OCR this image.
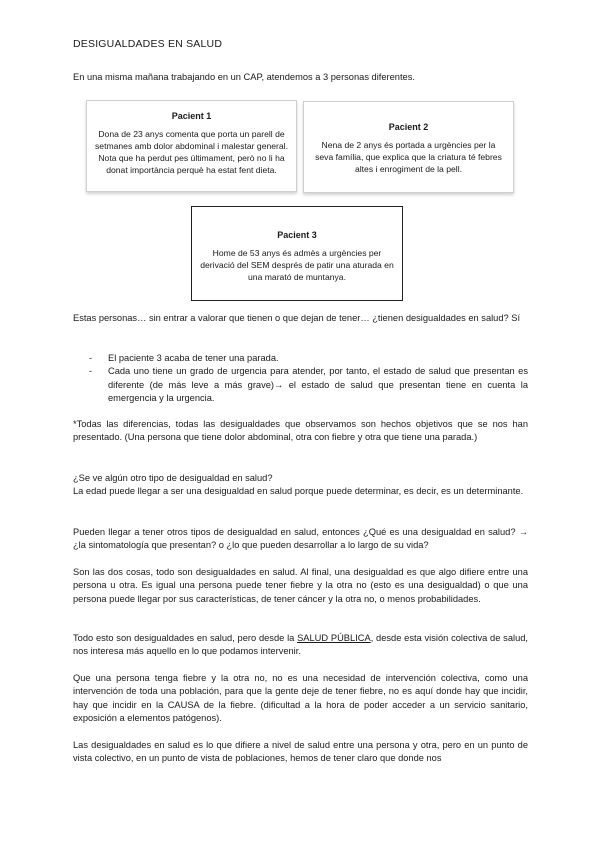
DESIGUALDADES EN SALUD
En una misma mañana trabajando en un CAP, atendemos a 3 personas diferentes.
Pacient 1
Dona de 23 anys comenta que porta un parell de setmanes amb dolor abdominal i malestar general. Nota que ha perdut pes últimament, però no li ha donat importància perquè ha estat fent dieta.
Pacient 2
Nena de 2 anys és portada a urgències per la seva família, que explica que la criatura té febres altes i enrogiment de la pell.
Pacient 3
Home de 53 anys és admès a urgències per derivació del SEM després de patir una aturada en una marató de muntanya.
Estas personas… sin entrar a valorar que tienen o que dejan de tener… ¿tienen desigualdades en salud? Sí
- El paciente 3 acaba de tener una parada.
- Cada uno tiene un grado de urgencia para atender, por tanto, el estado de salud que presentan es diferente (de más leve a más grave)→ el estado de salud que presentan tiene en cuenta la emergencia y la urgencia.
*Todas las diferencias, todas las desigualdades que observamos son hechos objetivos que se nos han presentado. (Una persona que tiene dolor abdominal, otra con fiebre y otra que tiene una parada.)
¿Se ve algún otro tipo de desigualdad en salud?
La edad puede llegar a ser una desigualdad en salud porque puede determinar, es decir, es un determinante.
Pueden llegar a tener otros tipos de desigualdad en salud, entonces ¿Qué es una desigualdad en salud? → ¿la sintomatología que presentan? o ¿lo que pueden desarrollar a lo largo de su vida?
Son las dos cosas, todo son desigualdades en salud. Al final, una desigualdad es que algo difiere entre una persona u otra. Es igual una persona puede tener fiebre y la otra no (esto es una desigualdad) o que una persona puede llegar por sus características, de tener cáncer y la otra no, o menos probabilidades.
Todo esto son desigualdades en salud, pero desde la SALUD PÚBLICA, desde esta visión colectiva de salud, nos interesa más aquello en lo que podamos intervenir.
Que una persona tenga fiebre y la otra no, no es una necesidad de intervención colectiva, como una intervención de toda una población, para que la gente deje de tener fiebre, no es aquí donde hay que incidir, hay que incidir en la CAUSA de la fiebre. (dificultad a la hora de poder acceder a un servicio sanitario, exposición a elementos patógenos).
Las desigualdades en salud es lo que difiere a nivel de salud entre una persona y otra, pero en un punto de vista colectivo, en un punto de vista de poblaciones, hemos de tener claro que donde nos
